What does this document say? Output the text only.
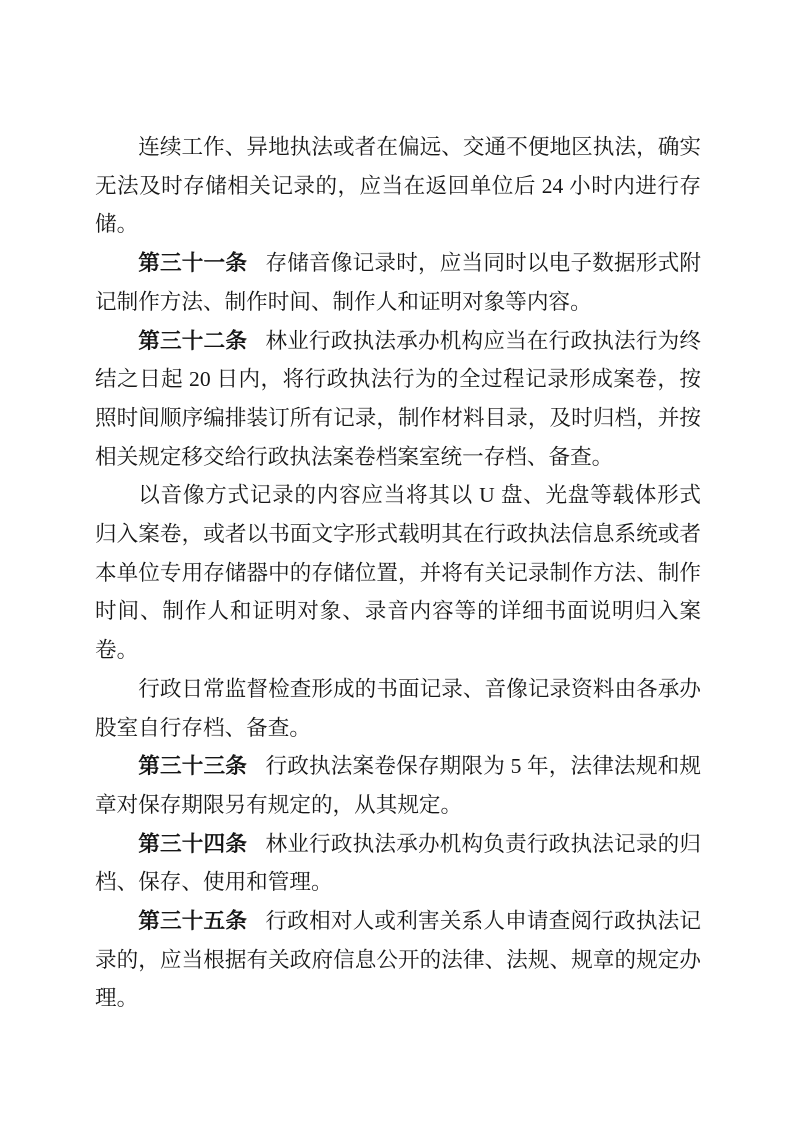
连续工作、异地执法或者在偏远、交通不便地区执法，确实无法及时存储相关记录的，应当在返回单位后 24 小时内进行存储。

第三十一条 存储音像记录时，应当同时以电子数据形式附记制作方法、制作时间、制作人和证明对象等内容。

第三十二条 林业行政执法承办机构应当在行政执法行为终结之日起 20 日内，将行政执法行为的全过程记录形成案卷，按照时间顺序编排装订所有记录，制作材料目录，及时归档，并按相关规定移交给行政执法案卷档案室统一存档、备查。

以音像方式记录的内容应当将其以 U 盘、光盘等载体形式归入案卷，或者以书面文字形式载明其在行政执法信息系统或者本单位专用存储器中的存储位置，并将有关记录制作方法、制作时间、制作人和证明对象、录音内容等的详细书面说明归入案卷。

行政日常监督检查形成的书面记录、音像记录资料由各承办股室自行存档、备查。

第三十三条 行政执法案卷保存期限为 5 年，法律法规和规章对保存期限另有规定的，从其规定。

第三十四条 林业行政执法承办机构负责行政执法记录的归档、保存、使用和管理。

第三十五条 行政相对人或利害关系人申请查阅行政执法记录的，应当根据有关政府信息公开的法律、法规、规章的规定办理。
